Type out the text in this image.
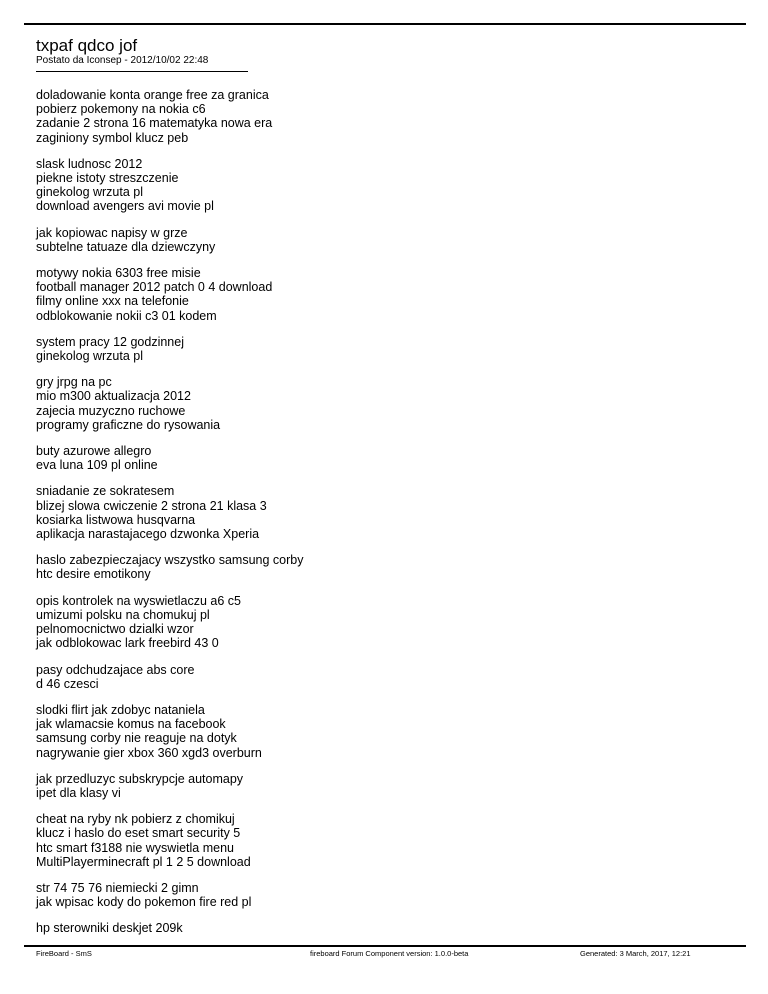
txpaf qdco jof
Postato da Iconsep - 2012/10/02 22:48
doladowanie konta orange free za granica
pobierz pokemony na nokia c6
zadanie 2 strona 16 matematyka nowa era
zaginiony symbol klucz peb
slask ludnosc 2012
piekne istoty streszczenie
ginekolog wrzuta pl
download avengers avi movie pl
jak kopiowac napisy w grze
subtelne tatuaze dla dziewczyny
motywy nokia 6303 free misie
football manager 2012 patch 0 4 download
filmy online xxx na telefonie
odblokowanie nokii c3 01 kodem
system pracy 12 godzinnej
ginekolog wrzuta pl
gry jrpg na pc
mio m300 aktualizacja 2012
zajecia muzyczno ruchowe
programy graficzne do rysowania
buty azurowe allegro
eva luna 109 pl online
sniadanie ze sokratesem
blizej slowa cwiczenie 2 strona 21 klasa 3
kosiarka listwowa husqvarna
aplikacja narastajacego dzwonka Xperia
haslo zabezpieczajacy wszystko samsung corby
htc desire emotikony
opis kontrolek na wyswietlaczu a6 c5
umizumi polsku na chomukuj pl
pelnomocnictwo dzialki wzor
jak odblokowac lark freebird 43 0
pasy odchudzajace abs core
d 46 czesci
slodki flirt jak zdobyc nataniela
jak wlamacsie komus na facebook
samsung corby nie reaguje na dotyk
nagrywanie gier xbox 360 xgd3 overburn
jak przedluzyc subskrypcje automapy
ipet dla klasy vi
cheat na ryby nk pobierz z chomikuj
klucz i haslo do eset smart security 5
htc smart f3188 nie wyswietla menu
MultiPlayerminecraft pl 1 2 5 download
str 74 75 76 niemiecki 2 gimn
jak wpisac kody do pokemon fire red pl
hp sterowniki deskjet 209k
FireBoard - SmS	fireboard Forum Component version: 1.0.0-beta	Generated: 3 March, 2017, 12:21
